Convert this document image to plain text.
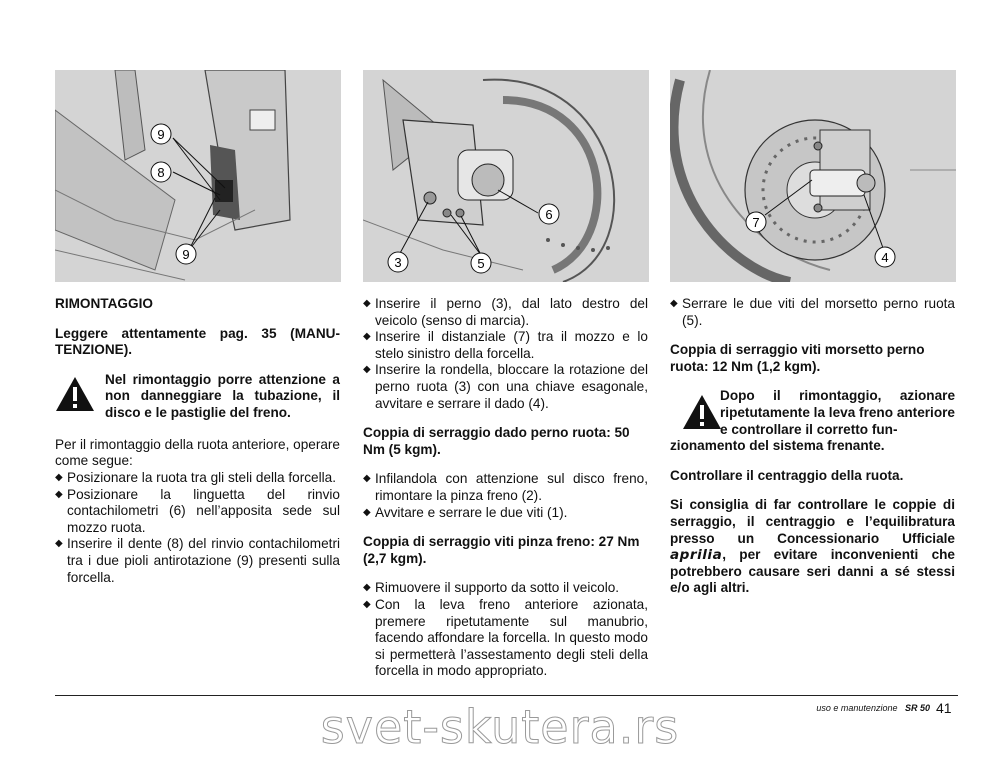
9
8
9
6
3	5
7
4

RIMONTAGGIO

Leggere attentamente pag. 35 (MANU-TENZIONE).

Nel rimontaggio porre attenzione a non danneggiare la tubazione, il disco e le pastiglie del freno.

Per il rimontaggio della ruota anteriore, operare come segue:

◆ Posizionare la ruota tra gli steli della forcella.
◆ Posizionare la linguetta del rinvio contachilometri (6) nell’apposita sede sul mozzo ruota.
◆ Inserire il dente (8) del rinvio contachilometri tra i due pioli antirotazione (9) presenti sulla forcella.
◆ Inserire il perno (3), dal lato destro del veicolo (senso di marcia).
◆ Inserire il distanziale (7) tra il mozzo e lo stelo sinistro della forcella.
◆ Inserire la rondella, bloccare la rotazione del perno ruota (3) con una chiave esagonale, avvitare e serrare il dado (4).

Coppia di serraggio dado perno ruota: 50 Nm (5 kgm).

◆ Infilandola con attenzione sul disco freno, rimontare la pinza freno (2).
◆ Avvitare e serrare le due viti (1).

Coppia di serraggio viti pinza freno: 27 Nm (2,7 kgm).

◆ Rimuovere il supporto da sotto il veicolo.
◆ Con la leva freno anteriore azionata, premere ripetutamente sul manubrio, facendo affondare la forcella. In questo modo si permetterà l’assestamento degli steli della forcella in modo appropriato.
◆ Serrare le due viti del morsetto perno ruota (5).

Coppia di serraggio viti morsetto perno ruota: 12 Nm (1,2 kgm).

Dopo il rimontaggio, azionare ripetutamente la leva freno anteriore e controllare il corretto fun-
zionamento del sistema frenante.

Controllare il centraggio della ruota.

Si consiglia di far controllare le coppie di serraggio, il centraggio e l’equilibratura presso un Concessionario Ufficiale aprilia, per evitare inconvenienti che potrebbero causare seri danni a sé stessi e/o agli altri.

uso e manutenzione SR 50 41
svet-skutera.rs
